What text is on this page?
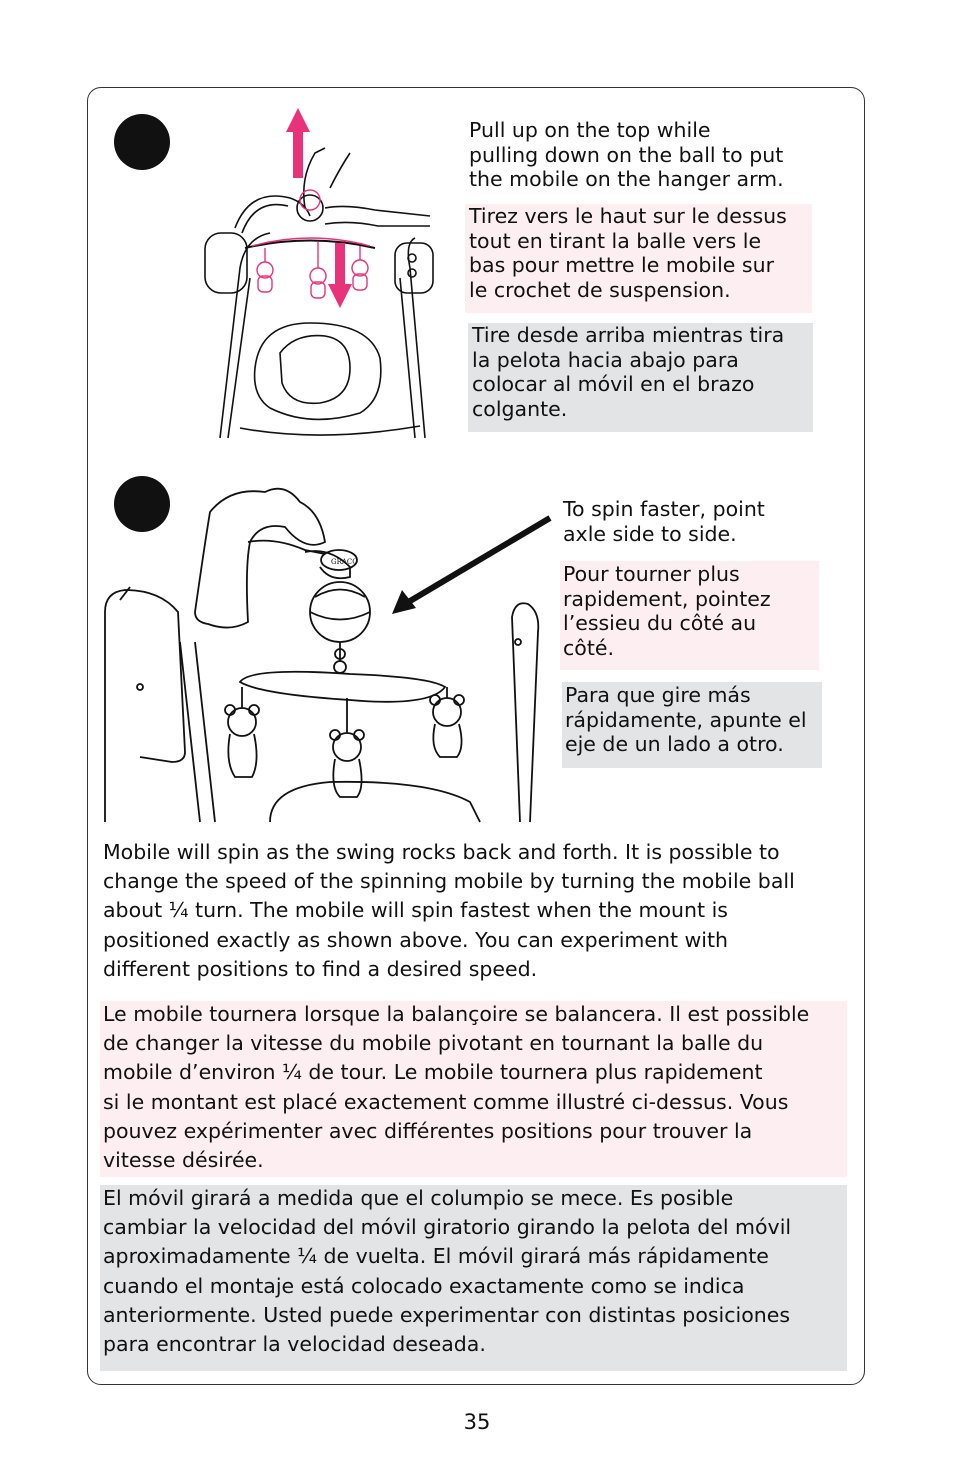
Pull up on the top while
pulling down on the ball to put
the mobile on the hanger arm.
Tirez vers le haut sur le dessus
tout en tirant la balle vers le
bas pour mettre le mobile sur
le crochet de suspension.
Tire desde arriba mientras tira
la pelota hacia abajo para
colocar al móvil en el brazo
colgante.
GRACO
To spin faster, point
axle side to side.
Pour tourner plus
rapidement, pointez
l’essieu du côté au
côté.
Para que gire más
rápidamente, apunte el
eje de un lado a otro.
Mobile will spin as the swing rocks back and forth. It is possible to
change the speed of the spinning mobile by turning the mobile ball
about ¼ turn. The mobile will spin fastest when the mount is
positioned exactly as shown above. You can experiment with
different positions to find a desired speed.
Le mobile tournera lorsque la balançoire se balancera. Il est possible
de changer la vitesse du mobile pivotant en tournant la balle du
mobile d’environ ¼ de tour. Le mobile tournera plus rapidement
si le montant est placé exactement comme illustré ci-dessus. Vous
pouvez expérimenter avec différentes positions pour trouver la
vitesse désirée.
El móvil girará a medida que el columpio se mece. Es posible
cambiar la velocidad del móvil giratorio girando la pelota del móvil
aproximadamente ¼ de vuelta. El móvil girará más rápidamente
cuando el montaje está colocado exactamente como se indica
anteriormente. Usted puede experimentar con distintas posiciones
para encontrar la velocidad deseada.
35
